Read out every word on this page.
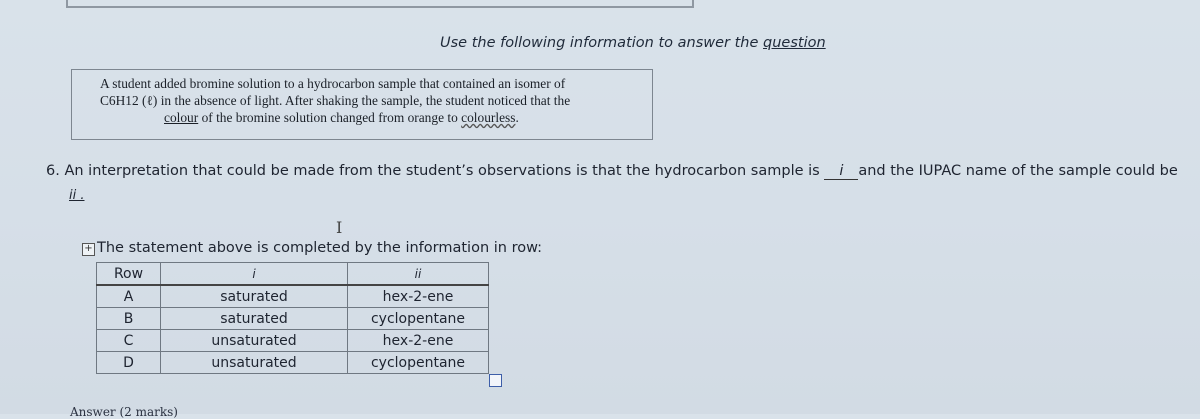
Use the following information to answer the question
A student added bromine solution to a hydrocarbon sample that contained an isomer of
C6H12 (ℓ) in the absence of light. After shaking the sample, the student noticed that the
colour of the bromine solution changed from orange to colourless.
6. An interpretation that could be made from the student’s observations is that the hydrocarbon sample is i and the IUPAC name of the sample could be
ii .
I
+ The statement above is completed by the information in row:
Row	i	ii
A	saturated	hex-2-ene
B	saturated	cyclopentane
C	unsaturated	hex-2-ene
D	unsaturated	cyclopentane
Answer (2 marks)
